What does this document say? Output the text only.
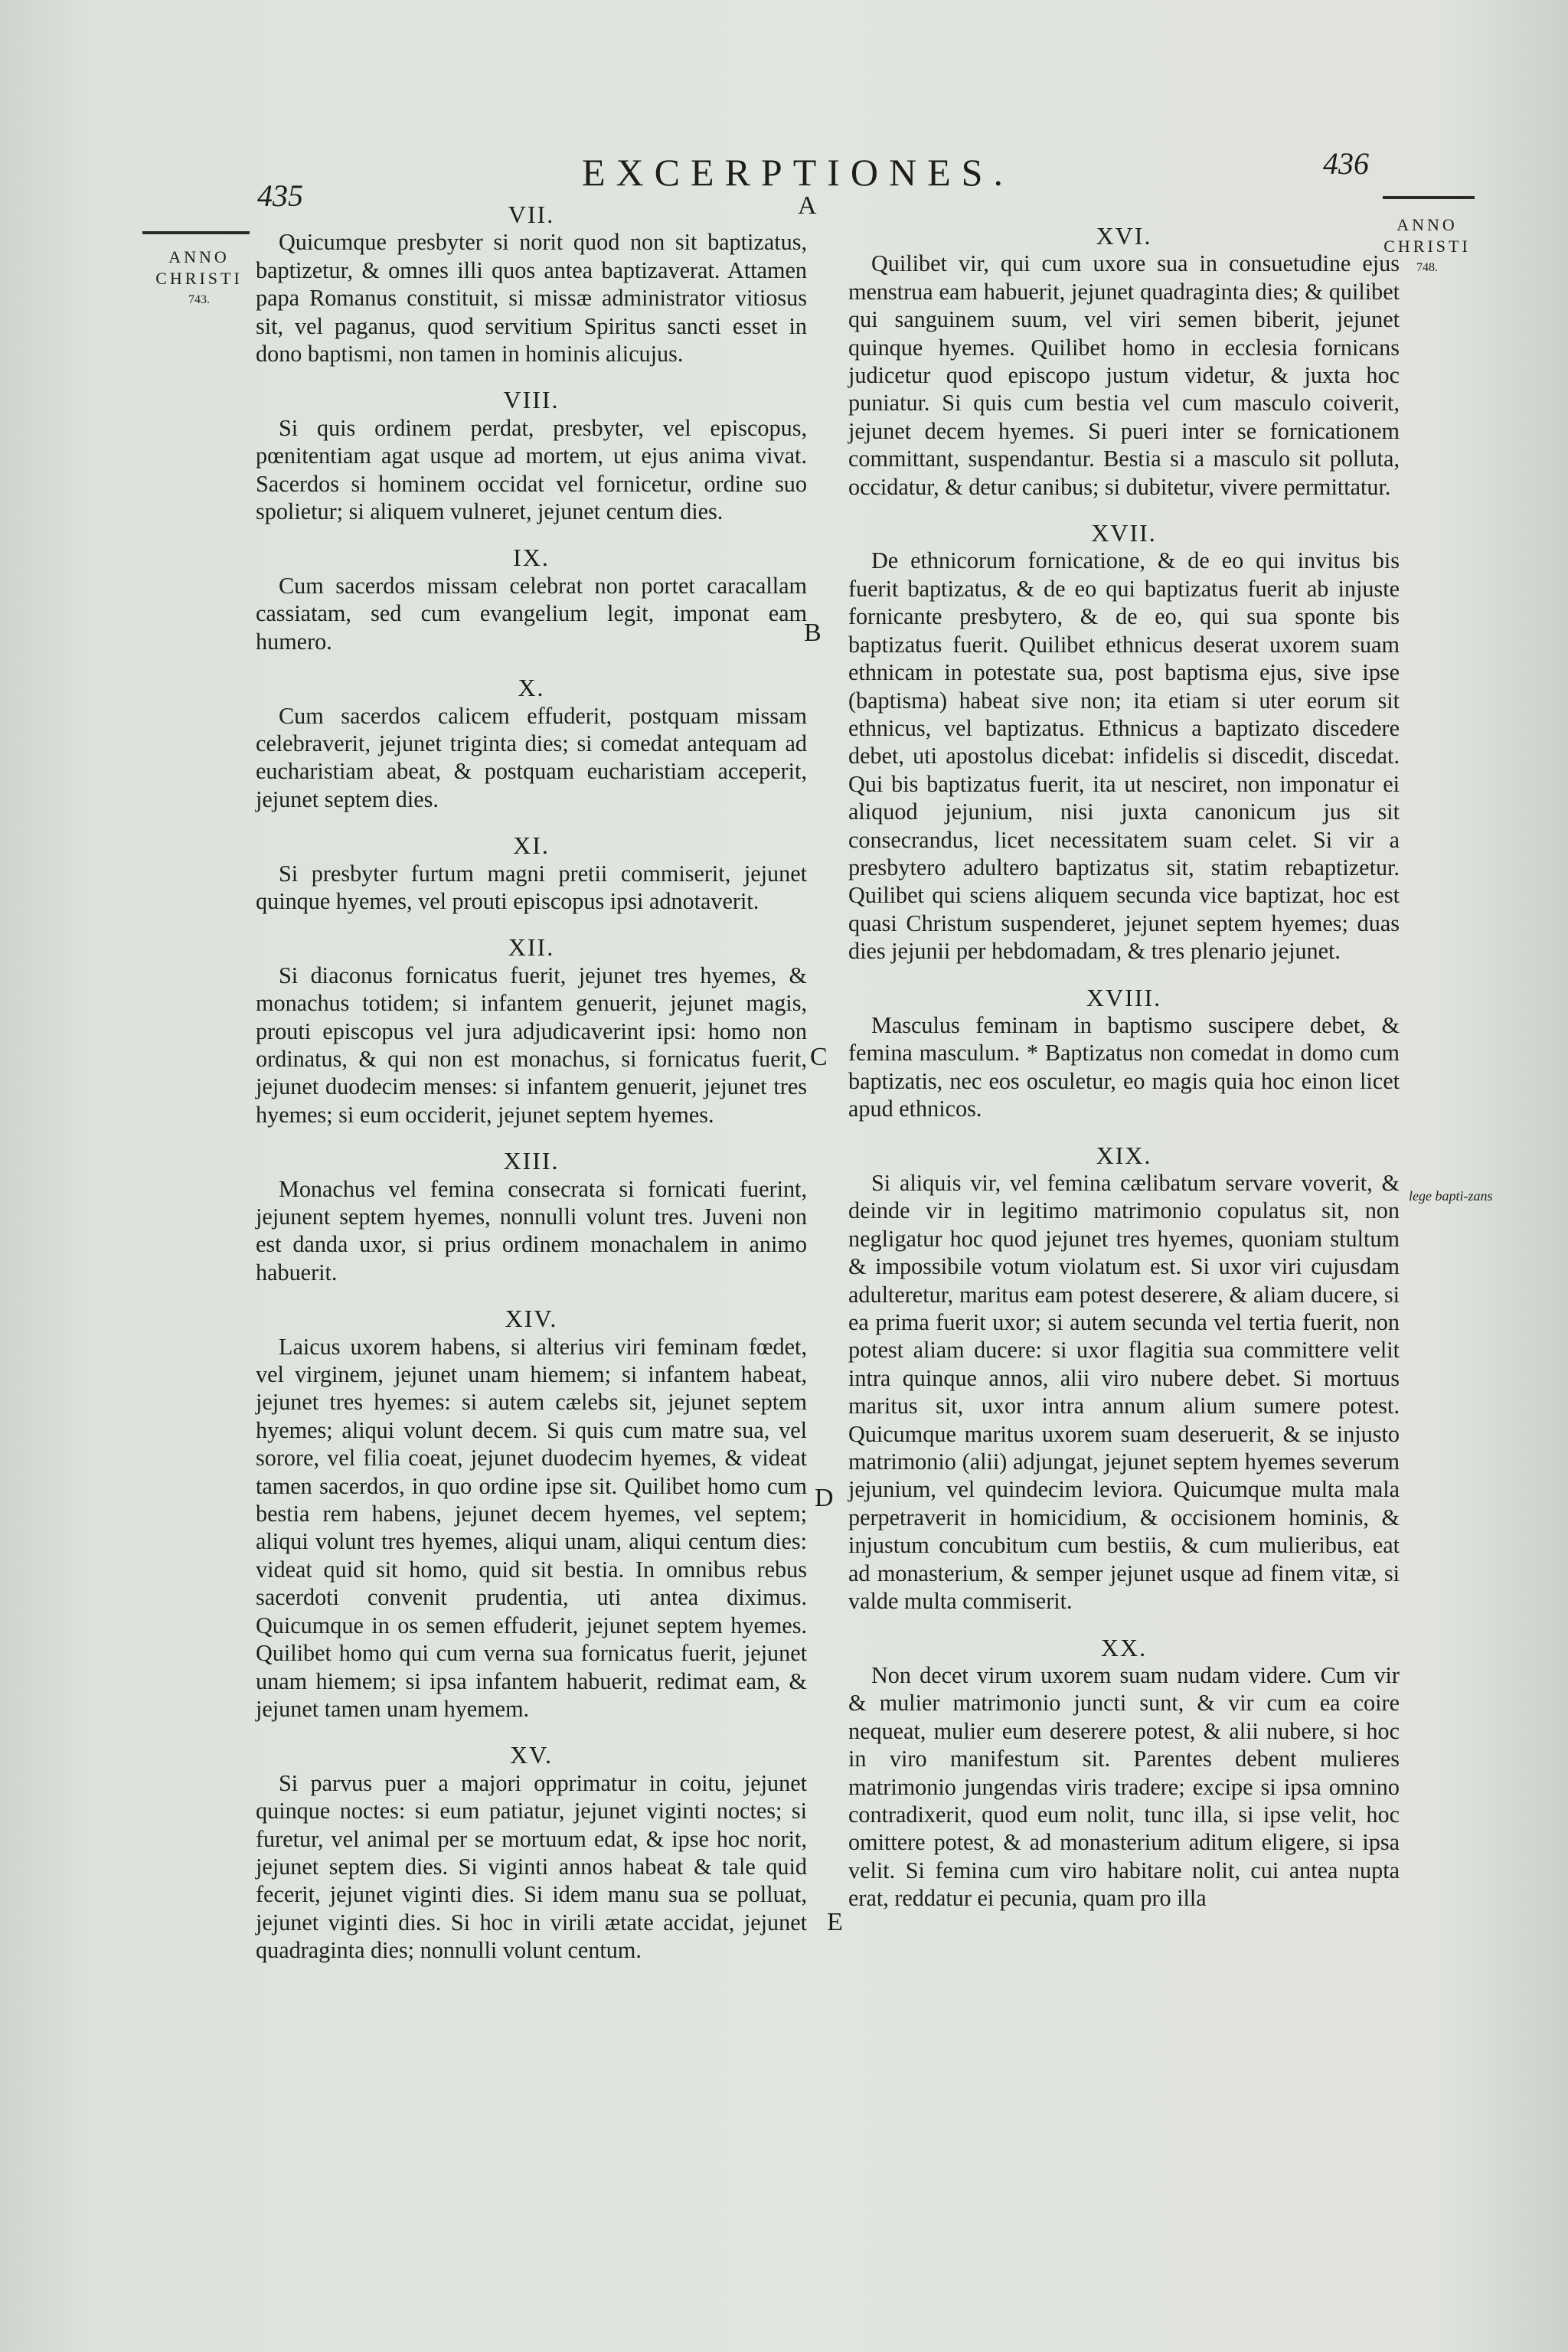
EXCERPTIONES.
435
436
ANNO
CHRISTI
743.
ANNO
CHRISTI
748.
lege bapti-zans
A
B
C
D
E
VII.

Quicumque presbyter si norit quod non sit baptizatus, baptizetur, & omnes illi quos antea baptizaverat. Attamen papa Romanus constituit, si missæ administrator vitiosus sit, vel paganus, quod servitium Spiritus sancti esset in dono baptismi, non tamen in hominis alicujus.

VIII.

Si quis ordinem perdat, presbyter, vel episcopus, pœnitentiam agat usque ad mortem, ut ejus anima vivat. Sacerdos si hominem occidat vel fornicetur, ordine suo spolietur; si aliquem vulneret, jejunet centum dies.

IX.

Cum sacerdos missam celebrat non portet caracallam cassiatam, sed cum evangelium legit, imponat eam humero.

X.

Cum sacerdos calicem effuderit, postquam missam celebraverit, jejunet triginta dies; si comedat antequam ad eucharistiam abeat, & postquam eucharistiam acceperit, jejunet septem dies.

XI.

Si presbyter furtum magni pretii commiserit, jejunet quinque hyemes, vel prouti episcopus ipsi adnotaverit.

XII.

Si diaconus fornicatus fuerit, jejunet tres hyemes, & monachus totidem; si infantem genuerit, jejunet magis, prouti episcopus vel jura adjudicaverint ipsi: homo non ordinatus, & qui non est monachus, si fornicatus fuerit, jejunet duodecim menses: si infantem genuerit, jejunet tres hyemes; si eum occiderit, jejunet septem hyemes.

XIII.

Monachus vel femina consecrata si fornicati fuerint, jejunent septem hyemes, nonnulli volunt tres. Juveni non est danda uxor, si prius ordinem monachalem in animo habuerit.

XIV.

Laicus uxorem habens, si alterius viri feminam fœdet, vel virginem, jejunet unam hiemem; si infantem habeat, jejunet tres hyemes: si autem cælebs sit, jejunet septem hyemes; aliqui volunt decem. Si quis cum matre sua, vel sorore, vel filia coeat, jejunet duodecim hyemes, & videat tamen sacerdos, in quo ordine ipse sit. Quilibet homo cum bestia rem habens, jejunet decem hyemes, vel septem; aliqui volunt tres hyemes, aliqui unam, aliqui centum dies: videat quid sit homo, quid sit bestia. In omnibus rebus sacerdoti convenit prudentia, uti antea diximus. Quicumque in os semen effuderit, jejunet septem hyemes. Quilibet homo qui cum verna sua fornicatus fuerit, jejunet unam hiemem; si ipsa infantem habuerit, redimat eam, & jejunet tamen unam hyemem.

XV.

Si parvus puer a majori opprimatur in coitu, jejunet quinque noctes: si eum patiatur, jejunet viginti noctes; si furetur, vel animal per se mortuum edat, & ipse hoc norit, jejunet septem dies. Si viginti annos habeat & tale quid fecerit, jejunet viginti dies. Si idem manu sua se polluat, jejunet viginti dies. Si hoc in virili ætate accidat, jejunet quadraginta dies; nonnulli volunt centum.

XVI.

Quilibet vir, qui cum uxore sua in consuetudine ejus menstrua eam habuerit, jejunet quadraginta dies; & quilibet qui sanguinem suum, vel viri semen biberit, jejunet quinque hyemes. Quilibet homo in ecclesia fornicans judicetur quod episcopo justum videtur, & juxta hoc puniatur. Si quis cum bestia vel cum masculo coiverit, jejunet decem hyemes. Si pueri inter se fornicationem committant, suspendantur. Bestia si a masculo sit polluta, occidatur, & detur canibus; si dubitetur, vivere permittatur.

XVII.

De ethnicorum fornicatione, & de eo qui invitus bis fuerit baptizatus, & de eo qui baptizatus fuerit ab injuste fornicante presbytero, & de eo, qui sua sponte bis baptizatus fuerit. Quilibet ethnicus deserat uxorem suam ethnicam in potestate sua, post baptisma ejus, sive ipse (baptisma) habeat sive non; ita etiam si uter eorum sit ethnicus, vel baptizatus. Ethnicus a baptizato discedere debet, uti apostolus dicebat: infidelis si discedit, discedat. Qui bis baptizatus fuerit, ita ut nesciret, non imponatur ei aliquod jejunium, nisi juxta canonicum jus sit consecrandus, licet necessitatem suam celet. Si vir a presbytero adultero baptizatus sit, statim rebaptizetur. Quilibet qui sciens aliquem secunda vice baptizat, hoc est quasi Christum suspenderet, jejunet septem hyemes; duas dies jejunii per hebdomadam, & tres plenario jejunet.

XVIII.

Masculus feminam in baptismo suscipere debet, & femina masculum. * Baptizatus non comedat in domo cum baptizatis, nec eos osculetur, eo magis quia hoc einon licet apud ethnicos.

XIX.

Si aliquis vir, vel femina cælibatum servare voverit, & deinde vir in legitimo matrimonio copulatus sit, non negligatur hoc quod jejunet tres hyemes, quoniam stultum & impossibile votum violatum est. Si uxor viri cujusdam adulteretur, maritus eam potest deserere, & aliam ducere, si ea prima fuerit uxor; si autem secunda vel tertia fuerit, non potest aliam ducere: si uxor flagitia sua committere velit intra quinque annos, alii viro nubere debet. Si mortuus maritus sit, uxor intra annum alium sumere potest. Quicumque maritus uxorem suam deseruerit, & se injusto matrimonio (alii) adjungat, jejunet septem hyemes severum jejunium, vel quindecim leviora. Quicumque multa mala perpetraverit in homicidium, & occisionem hominis, & injustum concubitum cum bestiis, & cum mulieribus, eat ad monasterium, & semper jejunet usque ad finem vitæ, si valde multa commiserit.

XX.

Non decet virum uxorem suam nudam videre. Cum vir & mulier matrimonio juncti sunt, & vir cum ea coire nequeat, mulier eum deserere potest, & alii nubere, si hoc in viro manifestum sit. Parentes debent mulieres matrimonio jungendas viris tradere; excipe si ipsa omnino contradixerit, quod eum nolit, tunc illa, si ipse velit, hoc omittere potest, & ad monasterium aditum eligere, si ipsa velit. Si femina cum viro habitare nolit, cui antea nupta erat, reddatur ei pecunia, quam pro illa
